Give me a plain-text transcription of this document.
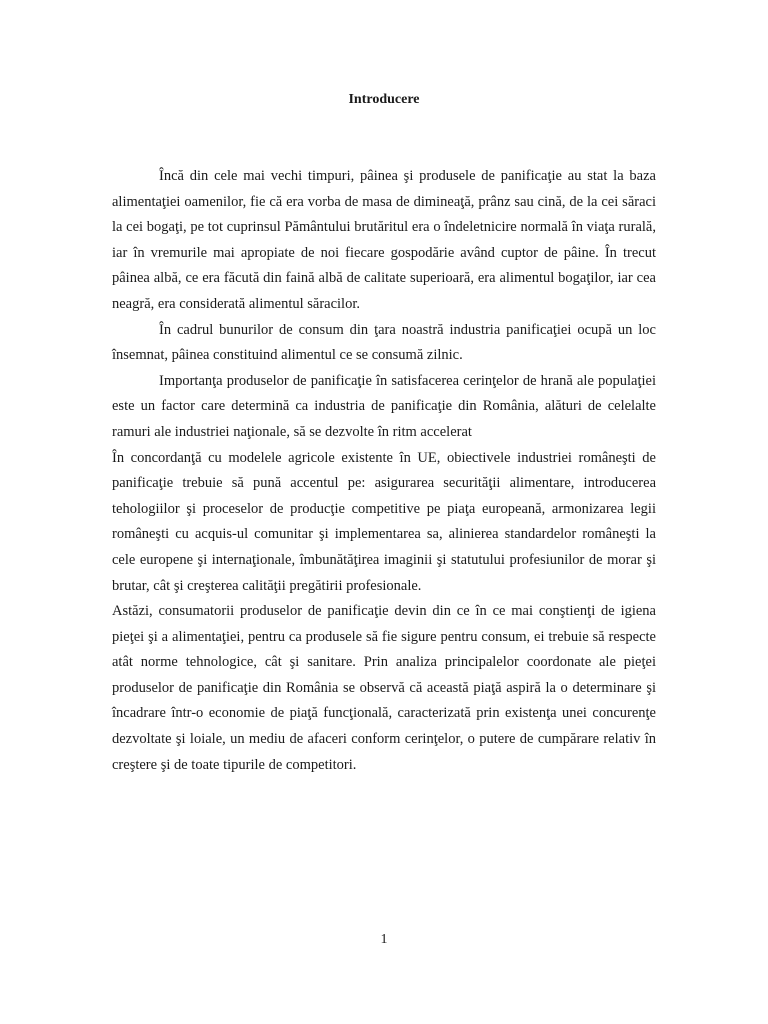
Introducere

Încă din cele mai vechi timpuri, pâinea şi produsele de panificaţie au stat la baza alimentaţiei oamenilor, fie că era vorba de masa de dimineaţă, prânz sau cină, de la cei săraci la cei bogaţi, pe tot cuprinsul Pământului brutăritul era o îndeletnicire normală în viaţa rurală, iar în vremurile mai apropiate de noi fiecare gospodărie având cuptor de pâine. În trecut pâinea albă, ce era făcută din faină albă de calitate superioară, era alimentul bogaţilor, iar cea neagră, era considerată alimentul săracilor.

În cadrul bunurilor de consum din ţara noastră industria panificaţiei ocupă un loc însemnat, pâinea constituind alimentul ce se consumă zilnic.

Importanţa produselor de panificaţie în satisfacerea cerinţelor de hrană ale populaţiei este un factor care determină ca industria de panificaţie din România, alături de celelalte ramuri ale industriei naţionale, să se dezvolte în ritm accelerat

În concordanţă cu modelele agricole existente în UE, obiectivele industriei româneşti de panificaţie trebuie să pună accentul pe: asigurarea securităţii alimentare, introducerea tehologiilor şi proceselor de producţie competitive pe piaţa europeană, armonizarea legii româneşti cu acquis-ul comunitar şi implementarea sa, alinierea standardelor româneşti la cele europene şi internaţionale, îmbunătăţirea imaginii şi statutului profesiunilor de morar şi brutar, cât şi creşterea calităţii pregătirii profesionale.

Astăzi, consumatorii produselor de panificaţie devin din ce în ce mai conştienţi de igiena pieţei şi a alimentaţiei, pentru ca produsele să fie sigure pentru consum, ei trebuie să respecte atât norme tehnologice, cât şi sanitare. Prin analiza principalelor coordonate ale pieţei produselor de panificaţie din România se observă că această piaţă aspiră la o determinare şi încadrare într-o economie de piaţă funcţională, caracterizată prin existenţa unei concurenţe dezvoltate şi loiale, un mediu de afaceri conform cerinţelor, o putere de cumpărare relativ în creştere şi de toate tipurile de competitori.

1
